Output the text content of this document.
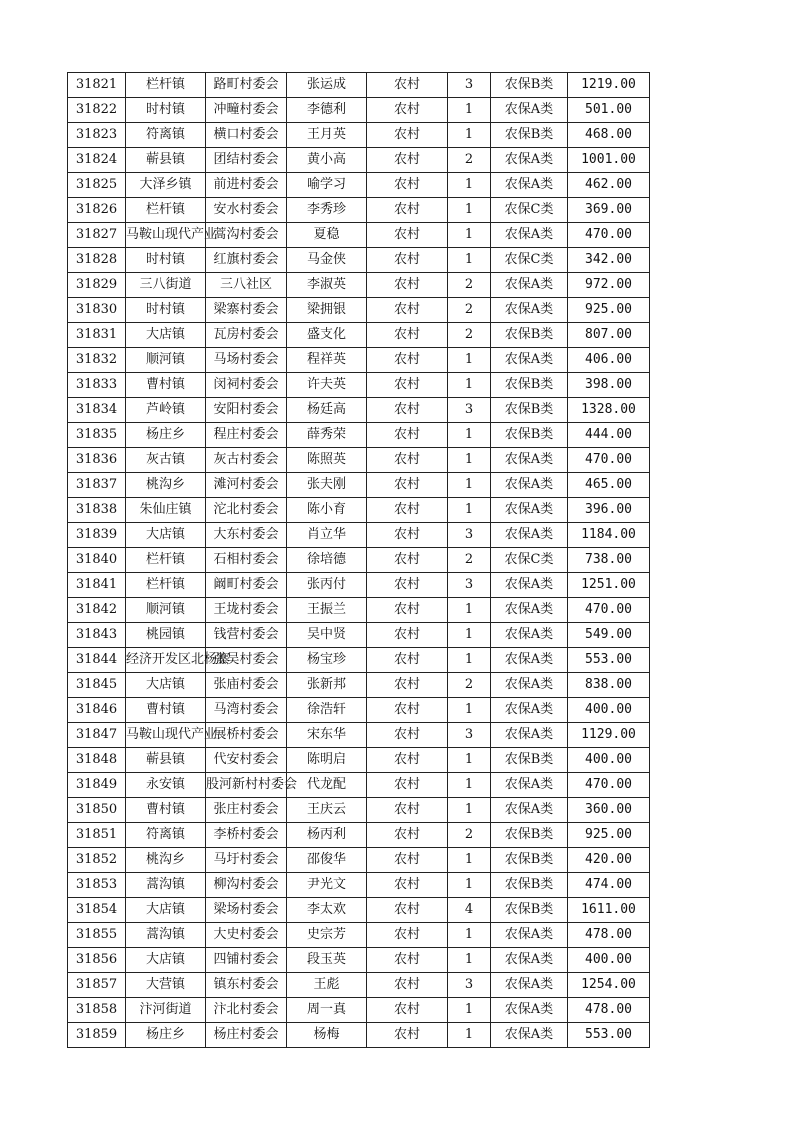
31821	栏杆镇	路町村委会	张运成	农村	3	农保B类	1219.00
31822	时村镇	冲疃村委会	李德利	农村	1	农保A类	501.00
31823	符离镇	横口村委会	王月英	农村	1	农保B类	468.00
31824	蕲县镇	团结村委会	黄小高	农村	2	农保A类	1001.00
31825	大泽乡镇	前进村委会	喻学习	农村	1	农保A类	462.00
31826	栏杆镇	安水村委会	李秀珍	农村	1	农保C类	369.00
31827	马鞍山现代产业	蒿沟村委会	夏稳	农村	1	农保A类	470.00
31828	时村镇	红旗村委会	马金侠	农村	1	农保C类	342.00
31829	三八街道	三八社区	李淑英	农村	2	农保A类	972.00
31830	时村镇	梁寨村委会	梁拥银	农村	2	农保A类	925.00
31831	大店镇	瓦房村委会	盛支化	农村	2	农保B类	807.00
31832	顺河镇	马场村委会	程祥英	农村	1	农保A类	406.00
31833	曹村镇	闵祠村委会	许夫英	农村	1	农保B类	398.00
31834	芦岭镇	安阳村委会	杨廷高	农村	3	农保B类	1328.00
31835	杨庄乡	程庄村委会	薛秀荣	农村	1	农保B类	444.00
31836	灰古镇	灰古村委会	陈照英	农村	1	农保A类	470.00
31837	桃沟乡	滩河村委会	张夫刚	农村	1	农保A类	465.00
31838	朱仙庄镇	沱北村委会	陈小育	农村	1	农保A类	396.00
31839	大店镇	大东村委会	肖立华	农村	3	农保A类	1184.00
31840	栏杆镇	石相村委会	徐培德	农村	2	农保C类	738.00
31841	栏杆镇	阚町村委会	张丙付	农村	3	农保A类	1251.00
31842	顺河镇	王垅村委会	王振兰	农村	1	农保A类	470.00
31843	桃园镇	钱营村委会	吴中贤	农村	1	农保A类	549.00
31844	经济开发区北杨寨	张吴村委会	杨宝珍	农村	1	农保A类	553.00
31845	大店镇	张庙村委会	张新邦	农村	2	农保A类	838.00
31846	曹村镇	马湾村委会	徐浩轩	农村	1	农保A类	400.00
31847	马鞍山现代产业	展桥村委会	宋东华	农村	3	农保A类	1129.00
31848	蕲县镇	代安村委会	陈明启	农村	1	农保B类	400.00
31849	永安镇	股河新村村委会	代龙配	农村	1	农保A类	470.00
31850	曹村镇	张庄村委会	王庆云	农村	1	农保A类	360.00
31851	符离镇	李桥村委会	杨丙利	农村	2	农保B类	925.00
31852	桃沟乡	马圩村委会	邵俊华	农村	1	农保B类	420.00
31853	蒿沟镇	柳沟村委会	尹光文	农村	1	农保B类	474.00
31854	大店镇	梁场村委会	李太欢	农村	4	农保B类	1611.00
31855	蒿沟镇	大史村委会	史宗芳	农村	1	农保A类	478.00
31856	大店镇	四铺村委会	段玉英	农村	1	农保A类	400.00
31857	大营镇	镇东村委会	王彪	农村	3	农保A类	1254.00
31858	汴河街道	汴北村委会	周一真	农村	1	农保A类	478.00
31859	杨庄乡	杨庄村委会	杨梅	农村	1	农保A类	553.00
